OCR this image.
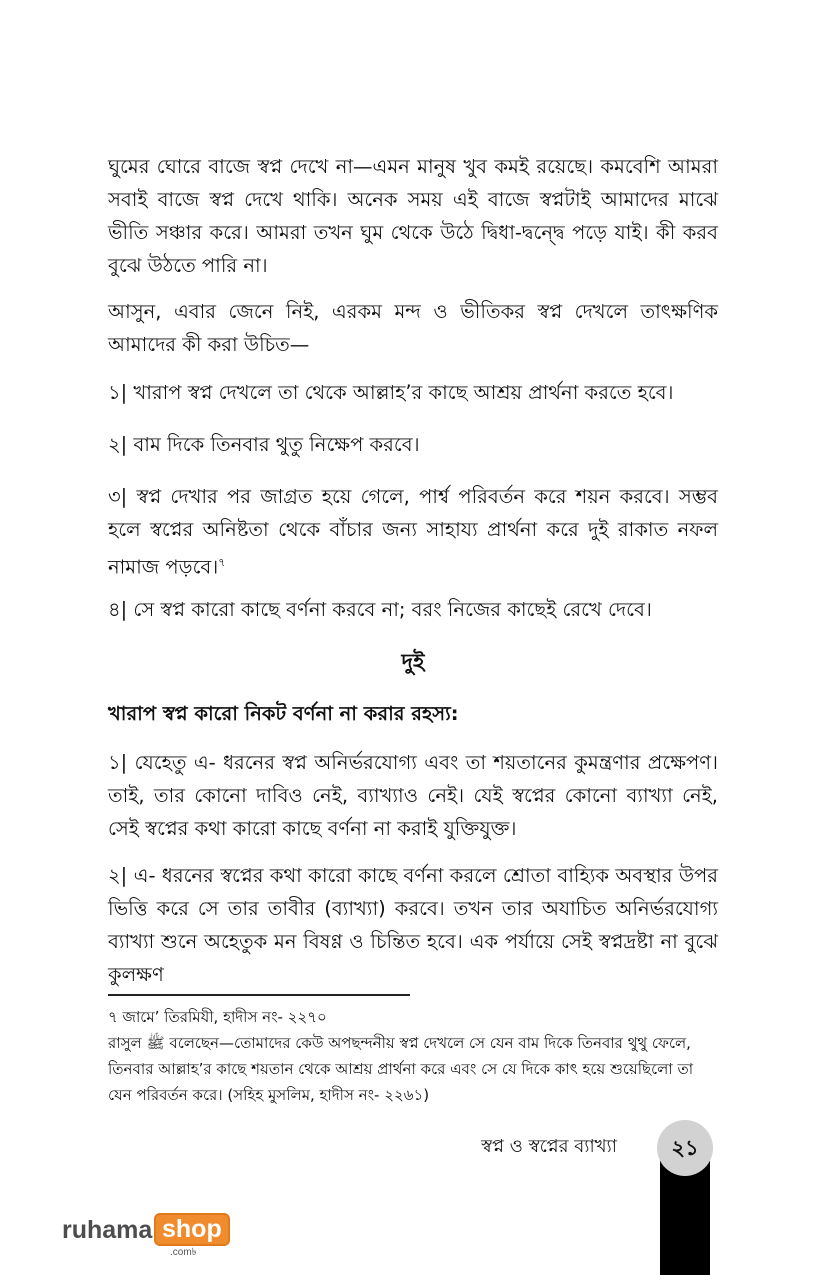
ঘুমের ঘোরে বাজে স্বপ্ন দেখে না—এমন মানুষ খুব কমই রয়েছে। কমবেশি আমরা সবাই বাজে স্বপ্ন দেখে থাকি। অনেক সময় এই বাজে স্বপ্নটাই আমাদের মাঝে ভীতি সঞ্চার করে। আমরা তখন ঘুম থেকে উঠে দ্বিধা-দ্বন্দ্বে পড়ে যাই। কী করব বুঝে উঠতে পারি না।

আসুন, এবার জেনে নিই, এরকম মন্দ ও ভীতিকর স্বপ্ন দেখলে তাৎক্ষণিক আমাদের কী করা উচিত—

১| খারাপ স্বপ্ন দেখলে তা থেকে আল্লাহ’র কাছে আশ্রয় প্রার্থনা করতে হবে।

২| বাম দিকে তিনবার থুতু নিক্ষেপ করবে।

৩| স্বপ্ন দেখার পর জাগ্রত হয়ে গেলে, পার্শ্ব পরিবর্তন করে শয়ন করবে। সম্ভব হলে স্বপ্নের অনিষ্টতা থেকে বাঁচার জন্য সাহায্য প্রার্থনা করে দুই রাকাত নফল নামাজ পড়বে।$^৭$

৪| সে স্বপ্ন কারো কাছে বর্ণনা করবে না; বরং নিজের কাছেই রেখে দেবে।

দুই
খারাপ স্বপ্ন কারো নিকট বর্ণনা না করার রহস্য:

১| যেহেতু এ- ধরনের স্বপ্ন অনির্ভরযোগ্য এবং তা শয়তানের কুমন্ত্রণার প্রক্ষেপণ। তাই, তার কোনো দাবিও নেই, ব্যাখ্যাও নেই। যেই স্বপ্নের কোনো ব্যাখ্যা নেই, সেই স্বপ্নের কথা কারো কাছে বর্ণনা না করাই যুক্তিযুক্ত।

২| এ- ধরনের স্বপ্নের কথা কারো কাছে বর্ণনা করলে শ্রোতা বাহ্যিক অবস্থার উপর ভিত্তি করে সে তার তাবীর (ব্যাখ্যা) করবে। তখন তার অযাচিত অনির্ভরযোগ্য ব্যাখ্যা শুনে অহেতুক মন বিষণ্ণ ও চিন্তিত হবে। এক পর্যায়ে সেই স্বপ্নদ্রষ্টা না বুঝে কুলক্ষণ

৭ জামে’ তিরমিযী, হাদীস নং- ২২৭০

রাসুল ﷺ বলেছেন—তোমাদের কেউ অপছন্দনীয় স্বপ্ন দেখলে সে যেন বাম দিকে তিনবার থুথু ফেলে, তিনবার আল্লাহ’র কাছে শয়তান থেকে আশ্রয় প্রার্থনা করে এবং সে যে দিকে কাৎ হয়ে শুয়েছিলো তা যেন পরিবর্তন করে। (সহিহ মুসলিম, হাদীস নং- ২২৬১)

স্বপ্ন ও স্বপ্নের ব্যাখ্যা	২১
ruhama shop
.com৳
